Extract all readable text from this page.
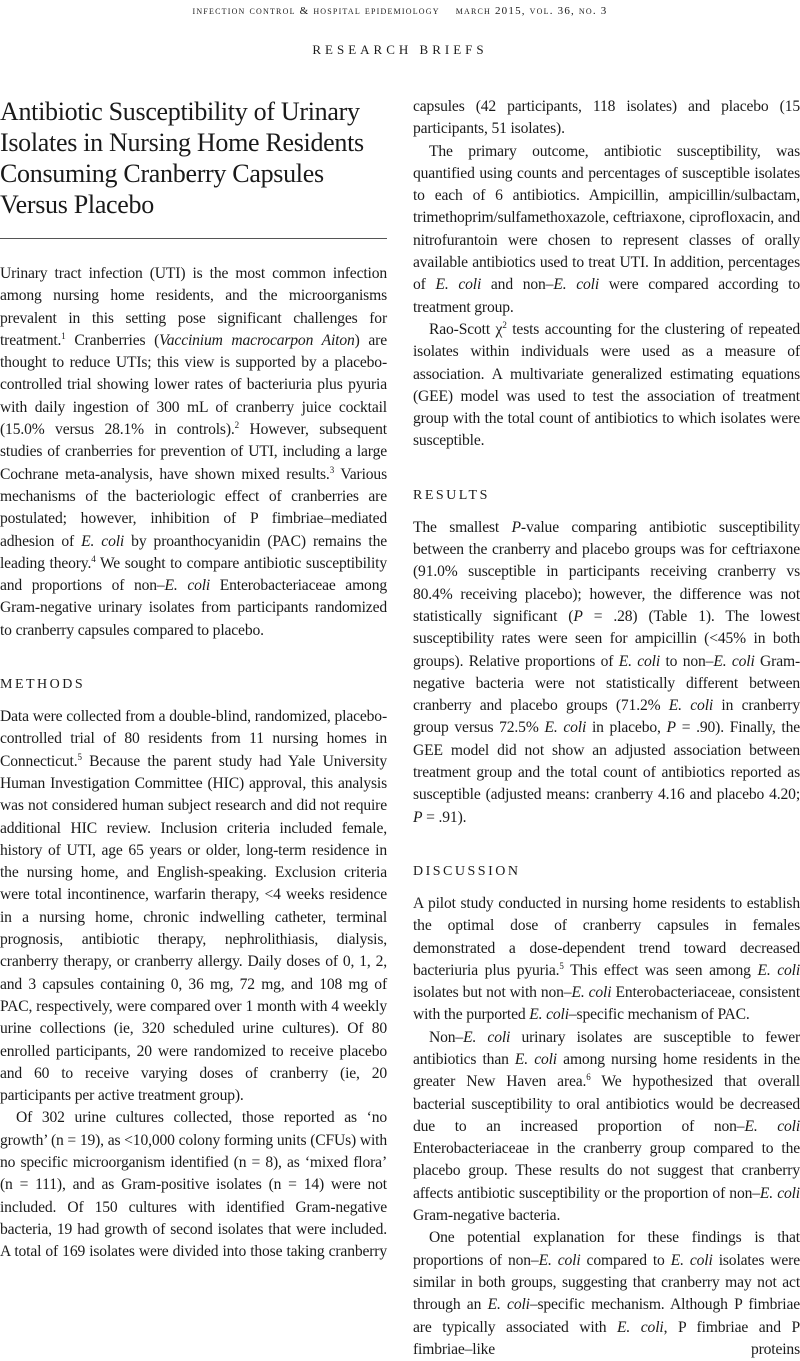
infection control & hospital epidemiology march 2015, vol. 36, no. 3
RESEARCH BRIEFS
Antibiotic Susceptibility of Urinary Isolates in Nursing Home Residents Consuming Cranberry Capsules Versus Placebo

Urinary tract infection (UTI) is the most common infection among nursing home residents, and the microorganisms prevalent in this setting pose significant challenges for treatment.$^1$ Cranberries (Vaccinium macrocarpon Aiton) are thought to reduce UTIs; this view is supported by a placebo-controlled trial showing lower rates of bacteriuria plus pyuria with daily ingestion of 300 mL of cranberry juice cocktail (15.0% versus 28.1% in controls).$^2$ However, subsequent studies of cranberries for prevention of UTI, including a large Cochrane meta-analysis, have shown mixed results.$^3$ Various mechanisms of the bacteriologic effect of cranberries are postulated; however, inhibition of P fimbriae–mediated adhesion of E. coli by proanthocyanidin (PAC) remains the leading theory.$^4$ We sought to compare antibiotic susceptibility and proportions of non–E. coli Enterobacteriaceae among Gram-negative urinary isolates from participants randomized to cranberry capsules compared to placebo.

METHODS

Data were collected from a double-blind, randomized, placebo-controlled trial of 80 residents from 11 nursing homes in Connecticut.$^5$ Because the parent study had Yale University Human Investigation Committee (HIC) approval, this analysis was not considered human subject research and did not require additional HIC review. Inclusion criteria included female, history of UTI, age 65 years or older, long-term residence in the nursing home, and English-speaking. Exclusion criteria were total incontinence, warfarin therapy, <4 weeks residence in a nursing home, chronic indwelling catheter, terminal prognosis, antibiotic therapy, nephrolithiasis, dialysis, cranberry therapy, or cranberry allergy. Daily doses of 0, 1, 2, and 3 capsules containing 0, 36 mg, 72 mg, and 108 mg of PAC, respectively, were compared over 1 month with 4 weekly urine collections (ie, 320 scheduled urine cultures). Of 80 enrolled participants, 20 were randomized to receive placebo and 60 to receive varying doses of cranberry (ie, 20 participants per active treatment group).

Of 302 urine cultures collected, those reported as ‘no growth’ (n = 19), as <10,000 colony forming units (CFUs) with no specific microorganism identified (n = 8), as ‘mixed flora’ (n = 111), and as Gram-positive isolates (n = 14) were not included. Of 150 cultures with identified Gram-negative bacteria, 19 had growth of second isolates that were included. A total of 169 isolates were divided into those taking cranberry

capsules (42 participants, 118 isolates) and placebo (15 participants, 51 isolates).

The primary outcome, antibiotic susceptibility, was quantified using counts and percentages of susceptible isolates to each of 6 antibiotics. Ampicillin, ampicillin/sulbactam, trimethoprim/sulfamethoxazole, ceftriaxone, ciprofloxacin, and nitrofurantoin were chosen to represent classes of orally available antibiotics used to treat UTI. In addition, percentages of E. coli and non–E. coli were compared according to treatment group.

Rao-Scott $\chi^2$ tests accounting for the clustering of repeated isolates within individuals were used as a measure of association. A multivariate generalized estimating equations (GEE) model was used to test the association of treatment group with the total count of antibiotics to which isolates were susceptible.

RESULTS

The smallest P-value comparing antibiotic susceptibility between the cranberry and placebo groups was for ceftriaxone (91.0% susceptible in participants receiving cranberry vs 80.4% receiving placebo); however, the difference was not statistically significant (P = .28) (Table 1). The lowest susceptibility rates were seen for ampicillin (<45% in both groups). Relative proportions of E. coli to non–E. coli Gram-negative bacteria were not statistically different between cranberry and placebo groups (71.2% E. coli in cranberry group versus 72.5% E. coli in placebo, P = .90). Finally, the GEE model did not show an adjusted association between treatment group and the total count of antibiotics reported as susceptible (adjusted means: cranberry 4.16 and placebo 4.20; P = .91).

DISCUSSION

A pilot study conducted in nursing home residents to establish the optimal dose of cranberry capsules in females demonstrated a dose-dependent trend toward decreased bacteriuria plus pyuria.$^5$ This effect was seen among E. coli isolates but not with non–E. coli Enterobacteriaceae, consistent with the purported E. coli–specific mechanism of PAC.

Non–E. coli urinary isolates are susceptible to fewer antibiotics than E. coli among nursing home residents in the greater New Haven area.$^6$ We hypothesized that overall bacterial susceptibility to oral antibiotics would be decreased due to an increased proportion of non–E. coli Enterobacteriaceae in the cranberry group compared to the placebo group. These results do not suggest that cranberry affects antibiotic susceptibility or the proportion of non–E. coli Gram-negative bacteria.

One potential explanation for these findings is that proportions of non–E. coli compared to E. coli isolates were similar in both groups, suggesting that cranberry may not act through an E. coli–specific mechanism. Although P fimbriae are typically associated with E. coli, P fimbriae and P fimbriae–like proteins
